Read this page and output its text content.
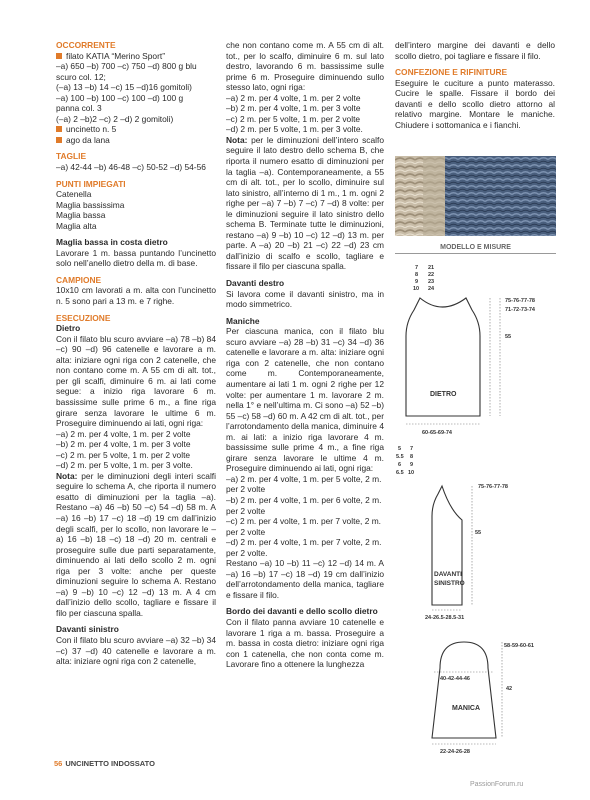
OCCORRENTE

filato KATIA “Merino Sport”

–a) 650 –b) 700 –c) 750 –d) 800 g blu

scuro col. 12;

(–a) 13 –b) 14 –c) 15 –d)16 gomitoli)

–a) 100 –b) 100 –c) 100 –d) 100 g

panna col. 3

(–a) 2 –b)2 –c) 2 –d) 2 gomitoli)

uncinetto n. 5
ago da lana

TAGLIE

–a) 42-44 –b) 46-48 –c) 50-52 –d) 54-56

PUNTI IMPIEGATI

Catenella

Maglia bassissima

Maglia bassa

Maglia alta

Maglia bassa in costa dietro

Lavorare 1 m. bassa puntando l’uncinetto solo nell’anello dietro della m. di base.

CAMPIONE

10x10 cm lavorati a m. alta con l’uncinetto n. 5 sono pari a 13 m. e 7 righe.

ESECUZIONE

Dietro

Con il filato blu scuro avviare –a) 78 –b) 84 –c) 90 –d) 96 catenelle e lavorare a m. alta: iniziare ogni riga con 2 catenelle, che non contano come m. A 55 cm di alt. tot., per gli scalfi, diminuire 6 m. ai lati come segue: a inizio riga lavorare 6 m. bassissime sulle prime 6 m., a fine riga girare senza lavorare le ultime 6 m. Proseguire diminuendo ai lati, ogni riga:

–a) 2 m. per 4 volte, 1 m. per 2 volte

–b) 2 m. per 4 volte, 1 m. per 3 volte

–c) 2 m. per 5 volte, 1 m. per 2 volte

–d) 2 m. per 5 volte, 1 m. per 3 volte.

Nota: per le diminuzioni degli interi scalfi seguire lo schema A, che riporta il numero esatto di diminuzioni per la taglia –a). Restano –a) 46 –b) 50 –c) 54 –d) 58 m. A –a) 16 –b) 17 –c) 18 –d) 19 cm dall’inizio degli scalfi, per lo scollo, non lavorare le –a) 16 –b) 18 –c) 18 –d) 20 m. centrali e proseguire sulle due parti separatamente, diminuendo ai lati dello scollo 2 m. ogni riga per 3 volte: anche per queste diminuzioni seguire lo schema A. Restano –a) 9 –b) 10 –c) 12 –d) 13 m. A 4 cm dall’inizio dello scollo, tagliare e fissare il filo per ciascuna spalla.

Davanti sinistro

Con il filato blu scuro avviare –a) 32 –b) 34 –c) 37 –d) 40 catenelle e lavorare a m. alta: iniziare ogni riga con 2 catenelle,

che non contano come m. A 55 cm di alt. tot., per lo scalfo, diminuire 6 m. sul lato destro, lavorando 6 m. bassissime sulle prime 6 m. Proseguire diminuendo sullo stesso lato, ogni riga:

–a) 2 m. per 4 volte, 1 m. per 2 volte

–b) 2 m. per 4 volte, 1 m. per 3 volte

–c) 2 m. per 5 volte, 1 m. per 2 volte

–d) 2 m. per 5 volte, 1 m. per 3 volte.

Nota: per le diminuzioni dell’intero scalfo seguire il lato destro dello schema B, che riporta il numero esatto di diminuzioni per la taglia –a). Contemporaneamente, a 55 cm di alt. tot., per lo scollo, diminuire sul lato sinistro, all’interno di 1 m., 1 m. ogni 2 righe per –a) 7 –b) 7 –c) 7 –d) 8 volte: per le diminuzioni seguire il lato sinistro dello schema B. Terminate tutte le diminuzioni, restano –a) 9 –b) 10 –c) 12 –d) 13 m. per parte. A –a) 20 –b) 21 –c) 22 –d) 23 cm dall’inizio di scalfo e scollo, tagliare e fissare il filo per ciascuna spalla.

Davanti destro

Si lavora come il davanti sinistro, ma in modo simmetrico.

Maniche

Per ciascuna manica, con il filato blu scuro avviare –a) 28 –b) 31 –c) 34 –d) 36 catenelle e lavorare a m. alta: iniziare ogni riga con 2 catenelle, che non contano come m. Contemporaneamente, aumentare ai lati 1 m. ogni 2 righe per 12 volte: per aumentare 1 m. lavorare 2 m. nella 1° e nell’ultima m. Ci sono –a) 52 –b) 55 –c) 58 –d) 60 m. A 42 cm di alt. tot., per l’arrotondamento della manica, diminuire 4 m. ai lati: a inizio riga lavorare 4 m. bassissime sulle prime 4 m., a fine riga girare senza lavorare le ultime 4 m. Proseguire diminuendo ai lati, ogni riga:

–a) 2 m. per 4 volte, 1 m. per 5 volte, 2 m. per 2 volte

–b) 2 m. per 4 volte, 1 m. per 6 volte, 2 m. per 2 volte

–c) 2 m. per 4 volte, 1 m. per 7 volte, 2 m. per 2 volte

–d) 2 m. per 4 volte, 1 m. per 7 volte, 2 m. per 2 volte.

Restano –a) 10 –b) 11 –c) 12 –d) 14 m. A –a) 16 –b) 17 –c) 18 –d) 19 cm dall’inizio dell’arrotondamento della manica, tagliare e fissare il filo.

Bordo dei davanti e dello scollo dietro

Con il filato panna avviare 10 catenelle e lavorare 1 riga a m. bassa. Proseguire a m. bassa in costa dietro: iniziare ogni riga con 1 catenella, che non conta come m. Lavorare fino a ottenere la lunghezza

dell’intero margine dei davanti e dello scollo dietro, poi tagliare e fissare il filo.

CONFEZIONE E RIFINITURE

Eseguire le cuciture a punto materasso. Cucire le spalle. Fissare il bordo dei davanti e dello scollo dietro attorno al relativo margine. Montare le maniche. Chiudere i sottomanica e i fianchi.

MODELLO E MISURE
7 21
8 22
9 23
10 24
75-76-77-78
71-72-73-74
55
DIETRO
60-65-69-74
5 7
5.5 8
6 9
6.5 10
75-76-77-78
55
DAVANTI
SINISTRO
24-26.5-28.5-31
58-59-60-61
40-42-44-46
42
MANICA
22-24-26-28
56 UNCINETTO INDOSSATO
PassionForum.ru
